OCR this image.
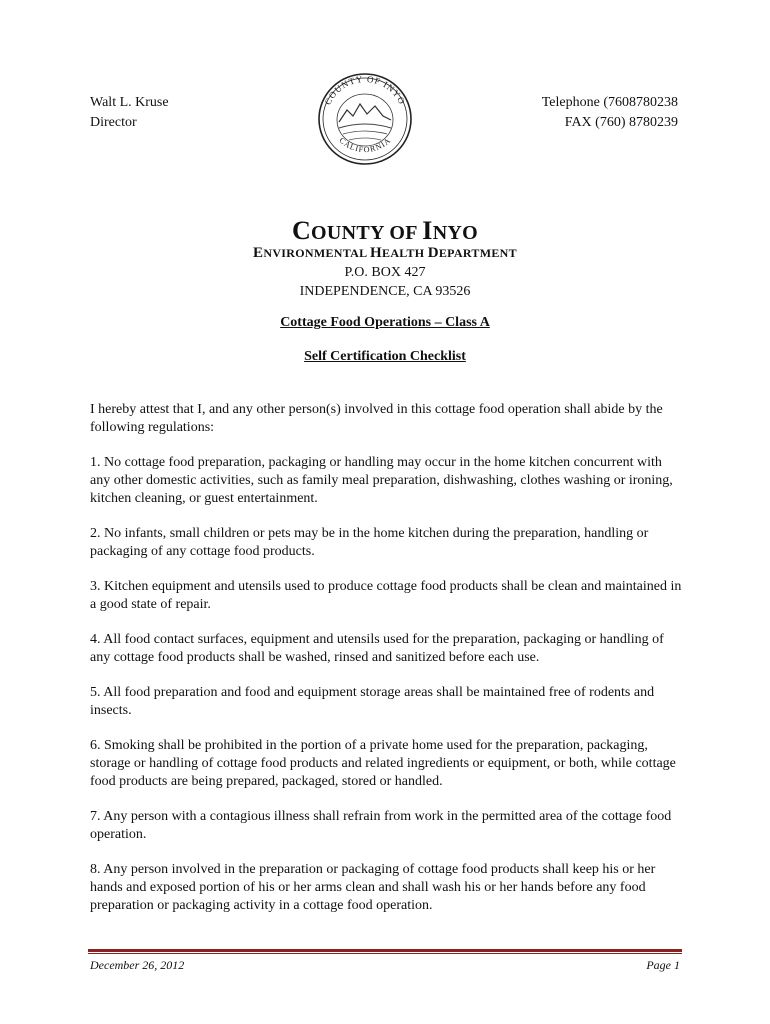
Walt L. Kruse
Director
COUNTY OF INYO
CALIFORNIA
Telephone (7608780238
FAX (760) 8780239
COUNTY OF INYO
ENVIRONMENTAL HEALTH DEPARTMENT
P.O. BOX 427
INDEPENDENCE, CA 93526
Cottage Food Operations – Class A
Self Certification Checklist

I hereby attest that I, and any other person(s) involved in this cottage food operation shall abide by the following regulations:

1. No cottage food preparation, packaging or handling may occur in the home kitchen concurrent with any other domestic activities, such as family meal preparation, dishwashing, clothes washing or ironing, kitchen cleaning, or guest entertainment.

2. No infants, small children or pets may be in the home kitchen during the preparation, handling or packaging of any cottage food products.

3. Kitchen equipment and utensils used to produce cottage food products shall be clean and maintained in a good state of repair.

4. All food contact surfaces, equipment and utensils used for the preparation, packaging or handling of any cottage food products shall be washed, rinsed and sanitized before each use.

5. All food preparation and food and equipment storage areas shall be maintained free of rodents and insects.

6. Smoking shall be prohibited in the portion of a private home used for the preparation, packaging, storage or handling of cottage food products and related ingredients or equipment, or both, while cottage food products are being prepared, packaged, stored or handled.

7. Any person with a contagious illness shall refrain from work in the permitted area of the cottage food operation.

8. Any person involved in the preparation or packaging of cottage food products shall keep his or her hands and exposed portion of his or her arms clean and shall wash his or her hands before any food preparation or packaging activity in a cottage food operation.

December 26, 2012	Page 1
